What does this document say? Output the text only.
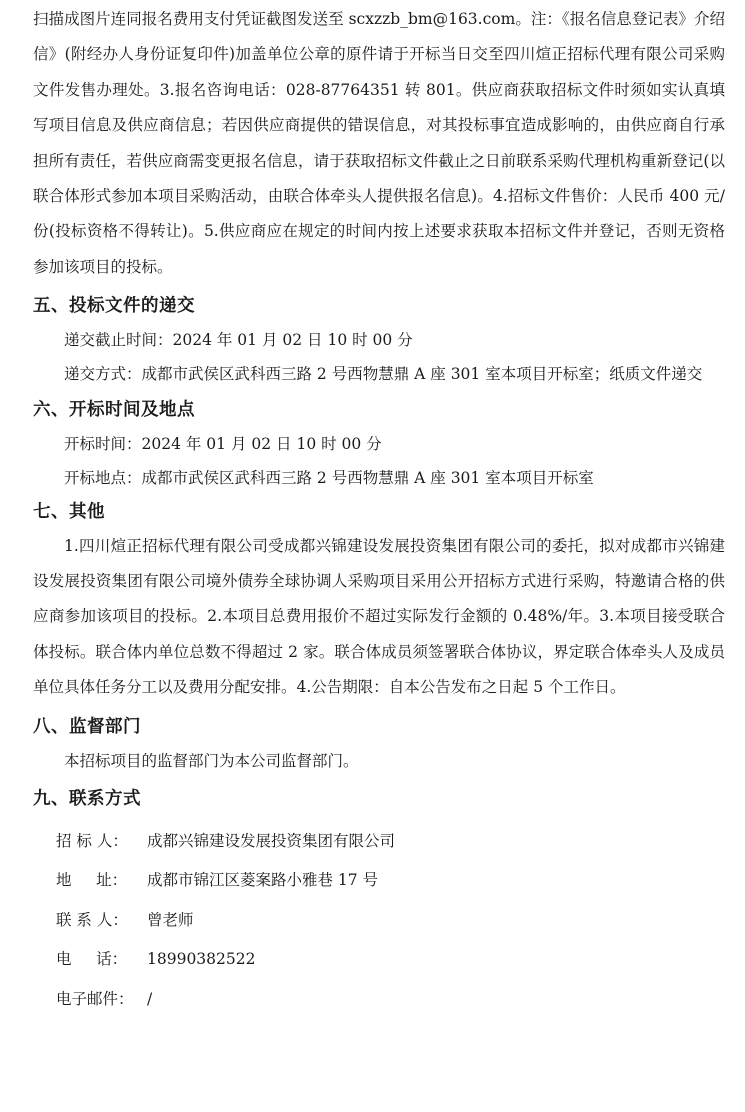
扫描成图片连同报名费用支付凭证截图发送至 scxzzb_bm@163.com。注：《报名信息登记表》介绍信》(附经办人身份证复印件)加盖单位公章的原件请于开标当日交至四川煊正招标代理有限公司采购文件发售办理处。3.报名咨询电话：028-87764351 转 801。供应商获取招标文件时须如实认真填写项目信息及供应商信息；若因供应商提供的错误信息，对其投标事宜造成影响的，由供应商自行承担所有责任，若供应商需变更报名信息，请于获取招标文件截止之日前联系采购代理机构重新登记(以联合体形式参加本项目采购活动，由联合体牵头人提供报名信息)。4.招标文件售价：人民币 400 元/份(投标资格不得转让)。5.供应商应在规定的时间内按上述要求获取本招标文件并登记，否则无资格参加该项目的投标。

五、投标文件的递交

递交截止时间：2024 年 01 月 02 日 10 时 00 分

递交方式：成都市武侯区武科西三路 2 号西物慧鼎 A 座 301 室本项目开标室；纸质文件递交

六、开标时间及地点

开标时间：2024 年 01 月 02 日 10 时 00 分

开标地点：成都市武侯区武科西三路 2 号西物慧鼎 A 座 301 室本项目开标室

七、其他

1.四川煊正招标代理有限公司受成都兴锦建设发展投资集团有限公司的委托，拟对成都市兴锦建设发展投资集团有限公司境外债券全球协调人采购项目采用公开招标方式进行采购，特邀请合格的供应商参加该项目的投标。2.本项目总费用报价不超过实际发行金额的 0.48%/年。3.本项目接受联合体投标。联合体内单位总数不得超过 2 家。联合体成员须签署联合体协议，界定联合体牵头人及成员单位具体任务分工以及费用分配安排。4.公告期限：自本公告发布之日起 5 个工作日。

八、监督部门

本招标项目的监督部门为本公司监督部门。

九、联系方式

招 标 人： 成都兴锦建设发展投资集团有限公司

地     址： 成都市锦江区菱案路小雅巷 17 号

联 系 人： 曾老师

电     话： 18990382522

电子邮件： /
